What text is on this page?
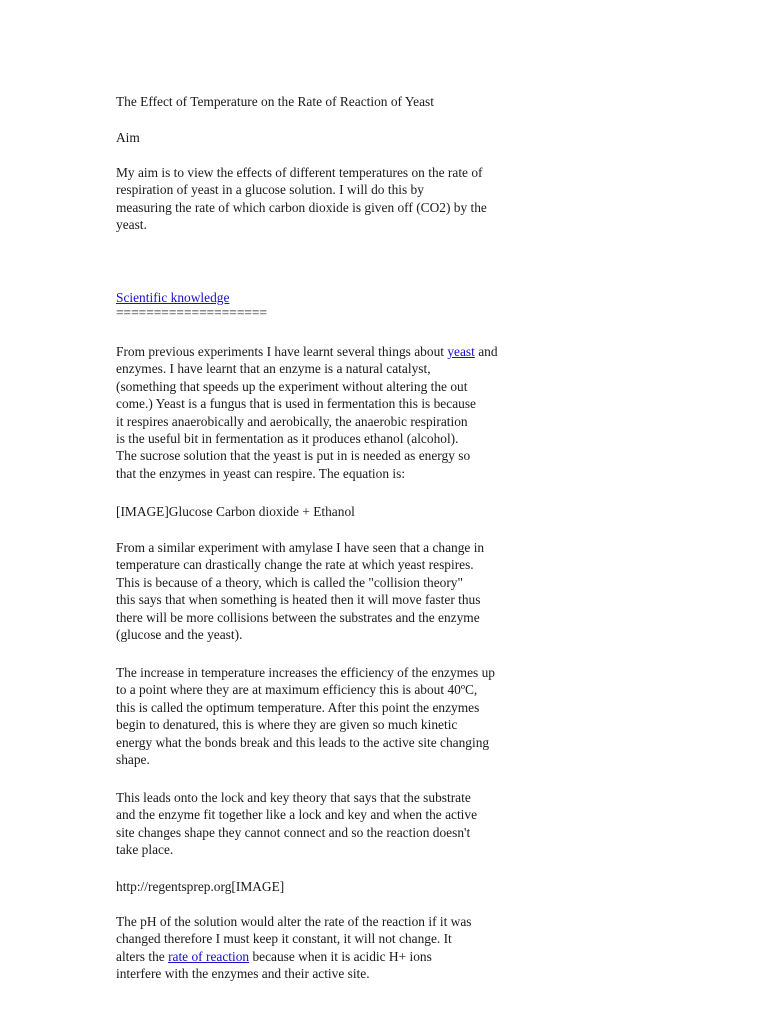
The Effect of Temperature on the Rate of Reaction of Yeast
Aim
My aim is to view the effects of different temperatures on the rate of
respiration of yeast in a glucose solution. I will do this by
measuring the rate of which carbon dioxide is given off (CO2) by the
yeast.
Scientific knowledge
====================
From previous experiments I have learnt several things about yeast and
enzymes. I have learnt that an enzyme is a natural catalyst,
(something that speeds up the experiment without altering the out
come.) Yeast is a fungus that is used in fermentation this is because
it respires anaerobically and aerobically, the anaerobic respiration
is the useful bit in fermentation as it produces ethanol (alcohol).
The sucrose solution that the yeast is put in is needed as energy so
that the enzymes in yeast can respire. The equation is:
[IMAGE]Glucose Carbon dioxide + Ethanol
From a similar experiment with amylase I have seen that a change in
temperature can drastically change the rate at which yeast respires.
This is because of a theory, which is called the "collision theory"
this says that when something is heated then it will move faster thus
there will be more collisions between the substrates and the enzyme
(glucose and the yeast).
The increase in temperature increases the efficiency of the enzymes up
to a point where they are at maximum efficiency this is about 40ºC,
this is called the optimum temperature. After this point the enzymes
begin to denatured, this is where they are given so much kinetic
energy what the bonds break and this leads to the active site changing
shape.
This leads onto the lock and key theory that says that the substrate
and the enzyme fit together like a lock and key and when the active
site changes shape they cannot connect and so the reaction doesn't
take place.
http://regentsprep.org[IMAGE]
The pH of the solution would alter the rate of the reaction if it was
changed therefore I must keep it constant, it will not change. It
alters the rate of reaction because when it is acidic H+ ions
interfere with the enzymes and their active site.
